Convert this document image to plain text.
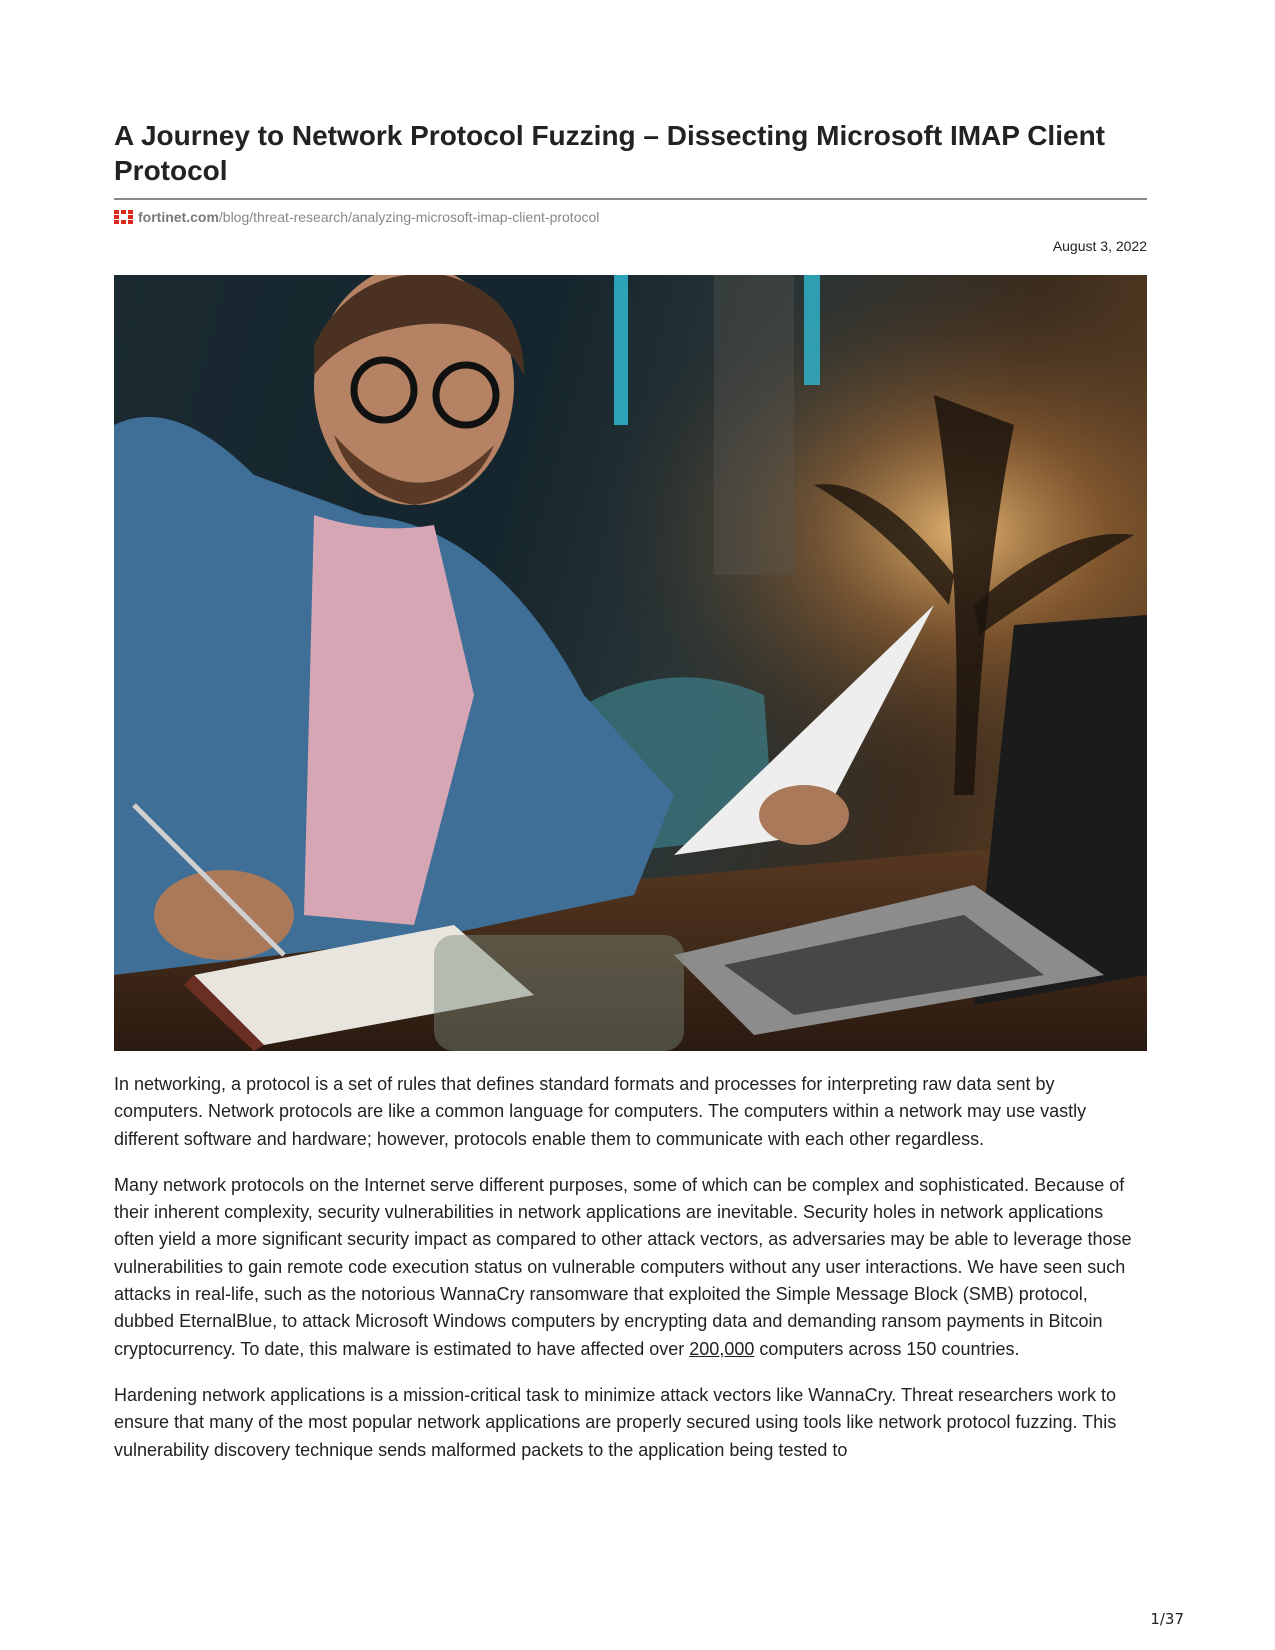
A Journey to Network Protocol Fuzzing – Dissecting Microsoft IMAP Client Protocol
fortinet.com /blog/threat-research/analyzing-microsoft-imap-client-protocol
August 3, 2022

In networking, a protocol is a set of rules that defines standard formats and processes for interpreting raw data sent by computers. Network protocols are like a common language for computers. The computers within a network may use vastly different software and hardware; however, protocols enable them to communicate with each other regardless.

Many network protocols on the Internet serve different purposes, some of which can be complex and sophisticated. Because of their inherent complexity, security vulnerabilities in network applications are inevitable. Security holes in network applications often yield a more significant security impact as compared to other attack vectors, as adversaries may be able to leverage those vulnerabilities to gain remote code execution status on vulnerable computers without any user interactions. We have seen such attacks in real-life, such as the notorious WannaCry ransomware that exploited the Simple Message Block (SMB) protocol, dubbed EternalBlue, to attack Microsoft Windows computers by encrypting data and demanding ransom payments in Bitcoin cryptocurrency. To date, this malware is estimated to have affected over 200,000 computers across 150 countries.

Hardening network applications is a mission-critical task to minimize attack vectors like WannaCry. Threat researchers work to ensure that many of the most popular network applications are properly secured using tools like network protocol fuzzing. This vulnerability discovery technique sends malformed packets to the application being tested to

1/37
